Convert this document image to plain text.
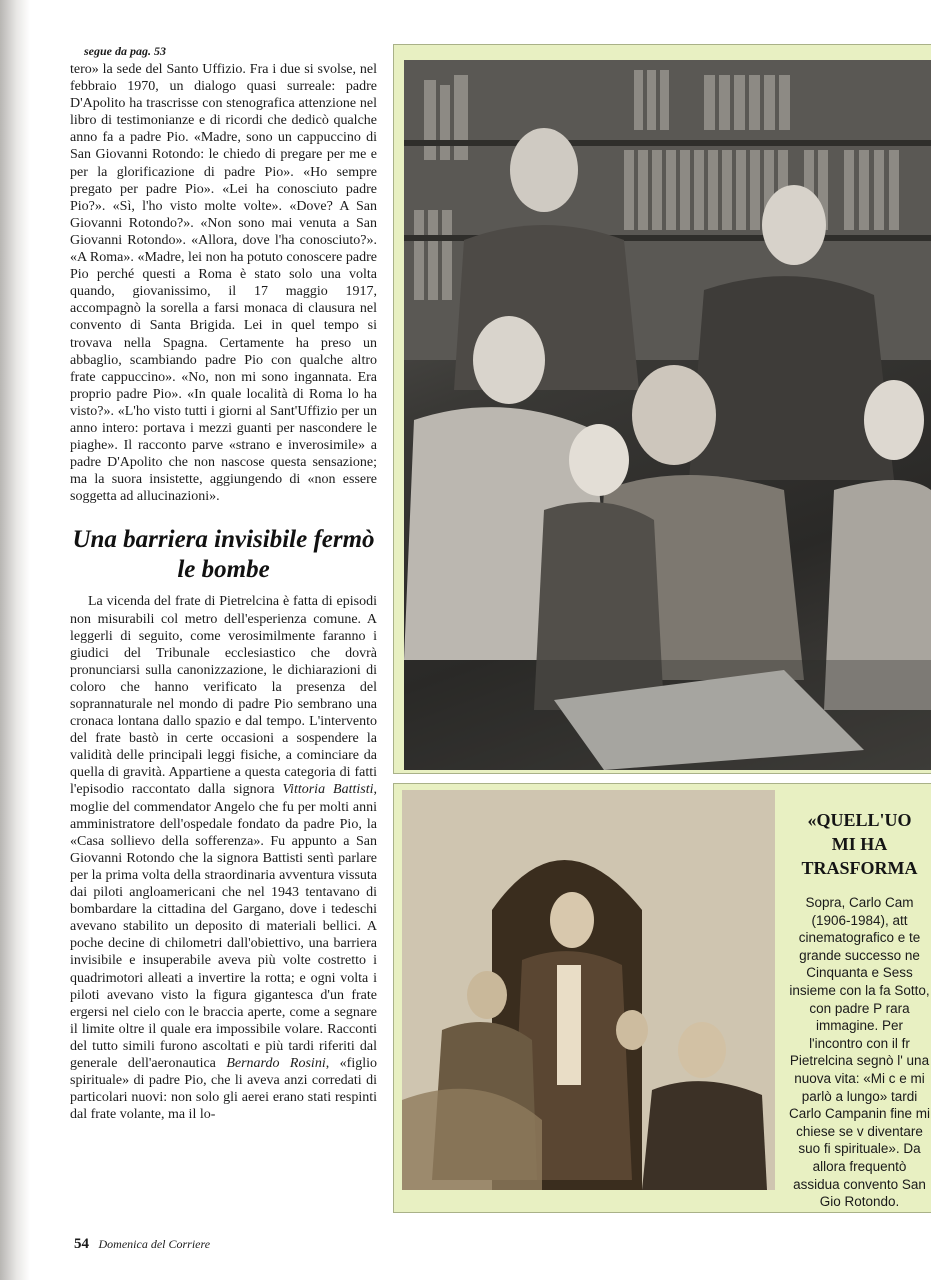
segue da pag. 53

tero» la sede del Santo Uffizio. Fra i due si svolse, nel febbraio 1970, un dialogo quasi surreale: padre D'Apolito ha trascrisse con stenografica attenzione nel libro di testimonianze e di ricordi che dedicò qualche anno fa a padre Pio. «Madre, sono un cappuccino di San Giovanni Rotondo: le chiedo di pregare per me e per la glorificazione di padre Pio». «Ho sempre pregato per padre Pio». «Lei ha conosciuto padre Pio?». «Sì, l'ho visto molte volte». «Dove? A San Giovanni Rotondo?». «Non sono mai venuta a San Giovanni Rotondo». «Allora, dove l'ha conosciuto?». «A Roma». «Madre, lei non ha potuto conoscere padre Pio perché questi a Roma è stato solo una volta quando, giovanissimo, il 17 maggio 1917, accompagnò la sorella a farsi monaca di clausura nel convento di Santa Brigida. Lei in quel tempo si trovava nella Spagna. Certamente ha preso un abbaglio, scambiando padre Pio con qualche altro frate cappuccino». «No, non mi sono ingannata. Era proprio padre Pio». «In quale località di Roma lo ha visto?». «L'ho visto tutti i giorni al Sant'Uffizio per un anno intero: portava i mezzi guanti per nascondere le piaghe». Il racconto parve «strano e inverosimile» a padre D'Apolito che non nascose questa sensazione; ma la suora insistette, aggiungendo di «non essere soggetta ad allucinazioni».

Una barriera invisibile fermò le bombe

La vicenda del frate di Pietrelcina è fatta di episodi non misurabili col metro dell'esperienza comune. A leggerli di seguito, come verosimilmente faranno i giudici del Tribunale ecclesiastico che dovrà pronunciarsi sulla canonizzazione, le dichiarazioni di coloro che hanno verificato la presenza del soprannaturale nel mondo di padre Pio sembrano una cronaca lontana dallo spazio e dal tempo. L'intervento del frate bastò in certe occasioni a sospendere la validità delle principali leggi fisiche, a cominciare da quella di gravità. Appartiene a questa categoria di fatti l'episodio raccontato dalla signora Vittoria Battisti, moglie del commendator Angelo che fu per molti anni amministratore dell'ospedale fondato da padre Pio, la «Casa sollievo della sofferenza». Fu appunto a San Giovanni Rotondo che la signora Battisti sentì parlare per la prima volta della straordinaria avventura vissuta dai piloti angloamericani che nel 1943 tentavano di bombardare la cittadina del Gargano, dove i tedeschi avevano stabilito un deposito di materiali bellici. A poche decine di chilometri dall'obiettivo, una barriera invisibile e insuperabile aveva più volte costretto i quadrimotori alleati a invertire la rotta; e ogni volta i piloti avevano visto la figura gigantesca d'un frate ergersi nel cielo con le braccia aperte, come a segnare il limite oltre il quale era impossibile volare. Racconti del tutto simili furono ascoltati e più tardi riferiti dal generale dell'aeronautica Bernardo Rosini, «figlio spirituale» di padre Pio, che li aveva anzi corredati di particolari nuovi: non solo gli aerei erano stati respinti dal frate volante, ma il lo-

54 Domenica del Corriere
«QUELL'UO
MI HA
TRASFORMA

Sopra, Carlo Cam (1906-1984), att cinematografico e te grande successo ne Cinquanta e Sess insieme con la fa Sotto, con padre P rara immagine. Per l'incontro con il fr Pietrelcina segnò l' una nuova vita: «Mi c e mi parlò a lungo» tardi Carlo Campanin fine mi chiese se v diventare suo fi spirituale». Da allora frequentò assidua convento San Gio Rotondo.
